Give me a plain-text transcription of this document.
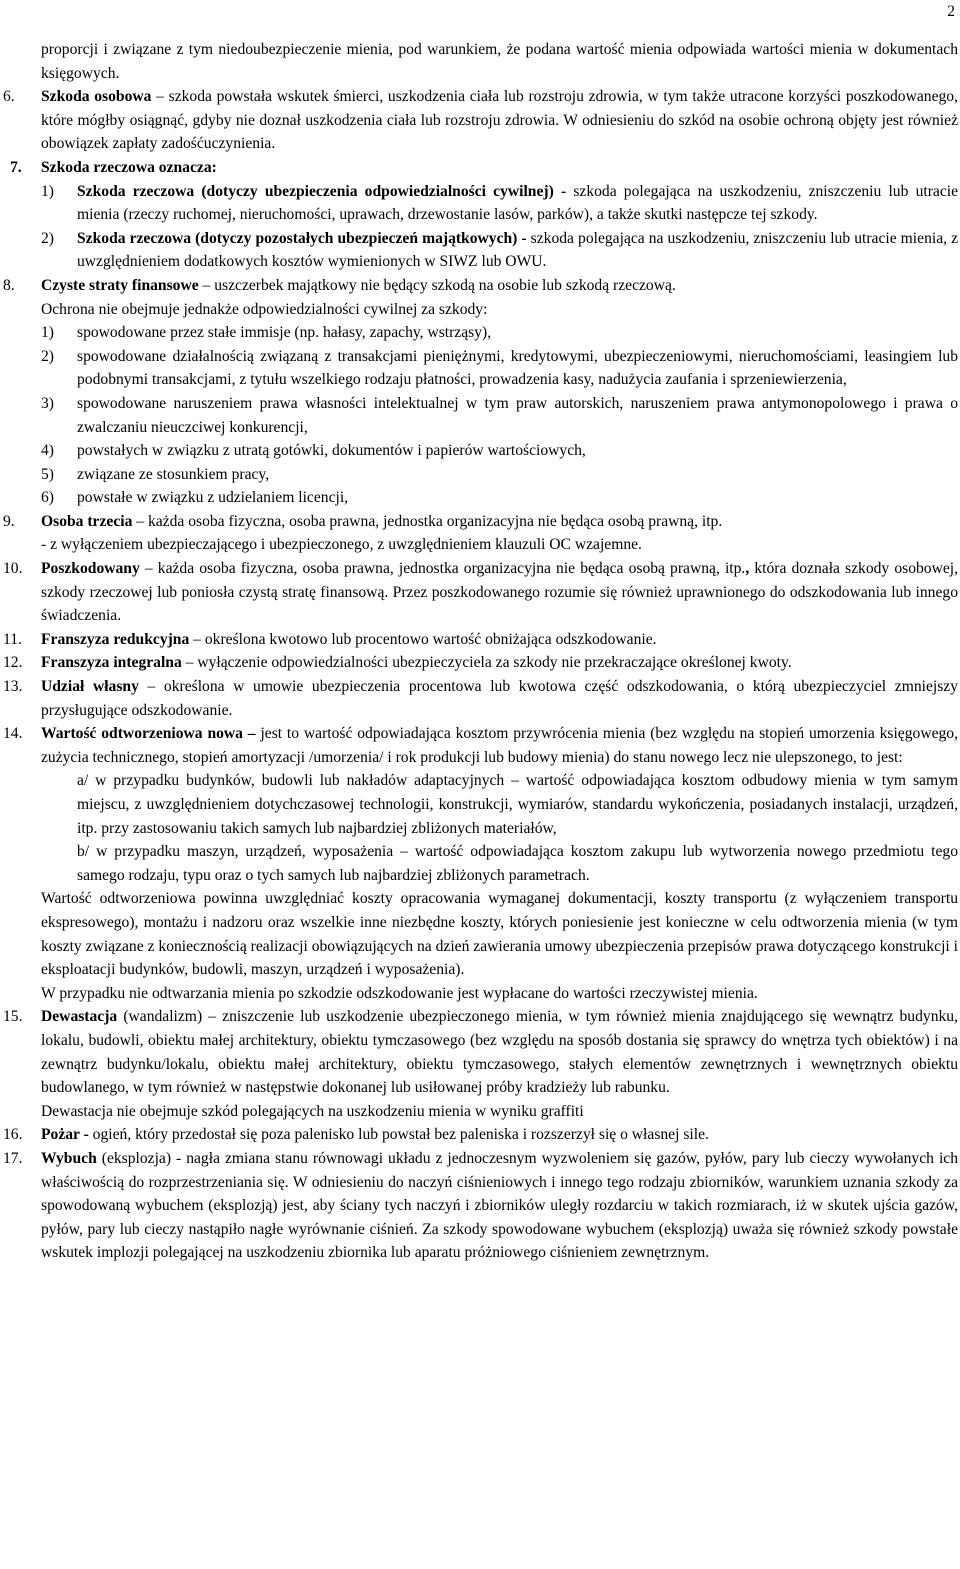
2

proporcji i związane z tym niedoubezpieczenie mienia, pod warunkiem, że podana wartość mienia odpowiada wartości mienia w dokumentach księgowych.

6. Szkoda osobowa – szkoda powstała wskutek śmierci, uszkodzenia ciała lub rozstroju zdrowia, w tym także utracone korzyści poszkodowanego, które mógłby osiągnąć, gdyby nie doznał uszkodzenia ciała lub rozstroju zdrowia. W odniesieniu do szkód na osobie ochroną objęty jest również obowiązek zapłaty zadośćuczynienia.

7. Szkoda rzeczowa oznacza:

1) Szkoda rzeczowa (dotyczy ubezpieczenia odpowiedzialności cywilnej) - szkoda polegająca na uszkodzeniu, zniszczeniu lub utracie mienia (rzeczy ruchomej, nieruchomości, uprawach, drzewostanie lasów, parków), a także skutki następcze tej szkody.

2) Szkoda rzeczowa (dotyczy pozostałych ubezpieczeń majątkowych) - szkoda polegająca na uszkodzeniu, zniszczeniu lub utracie mienia, z uwzględnieniem dodatkowych kosztów wymienionych w SIWZ lub OWU.

8. Czyste straty finansowe – uszczerbek majątkowy nie będący szkodą na osobie lub szkodą rzeczową.

Ochrona nie obejmuje jednakże odpowiedzialności cywilnej za szkody:

1) spowodowane przez stałe immisje (np. hałasy, zapachy, wstrząsy),

2) spowodowane działalnością związaną z transakcjami pieniężnymi, kredytowymi, ubezpieczeniowymi, nieruchomościami, leasingiem lub podobnymi transakcjami, z tytułu wszelkiego rodzaju płatności, prowadzenia kasy, nadużycia zaufania i sprzeniewierzenia,

3) spowodowane naruszeniem prawa własności intelektualnej w tym praw autorskich, naruszeniem prawa antymonopolowego i prawa o zwalczaniu nieuczciwej konkurencji,

4) powstałych w związku z utratą gotówki, dokumentów i papierów wartościowych,

5) związane ze stosunkiem pracy,

6) powstałe w związku z udzielaniem licencji,

9. Osoba trzecia – każda osoba fizyczna, osoba prawna, jednostka organizacyjna nie będąca osobą prawną, itp.

- z wyłączeniem ubezpieczającego i ubezpieczonego, z uwzględnieniem klauzuli OC wzajemne.

10. Poszkodowany – każda osoba fizyczna, osoba prawna, jednostka organizacyjna nie będąca osobą prawną, itp., która doznała szkody osobowej, szkody rzeczowej lub poniosła czystą stratę finansową. Przez poszkodowanego rozumie się również uprawnionego do odszkodowania lub innego świadczenia.

11. Franszyza redukcyjna – określona kwotowo lub procentowo wartość obniżająca odszkodowanie.

12. Franszyza integralna – wyłączenie odpowiedzialności ubezpieczyciela za szkody nie przekraczające określonej kwoty.

13. Udział własny – określona w umowie ubezpieczenia procentowa lub kwotowa część odszkodowania, o którą ubezpieczyciel zmniejszy przysługujące odszkodowanie.

14. Wartość odtworzeniowa nowa – jest to wartość odpowiadająca kosztom przywrócenia mienia (bez względu na stopień umorzenia księgowego, zużycia technicznego, stopień amortyzacji /umorzenia/ i rok produkcji lub budowy mienia) do stanu nowego lecz nie ulepszonego, to jest:

a/ w przypadku budynków, budowli lub nakładów adaptacyjnych – wartość odpowiadająca kosztom odbudowy mienia w tym samym miejscu, z uwzględnieniem dotychczasowej technologii, konstrukcji, wymiarów, standardu wykończenia, posiadanych instalacji, urządzeń, itp. przy zastosowaniu takich samych lub najbardziej zbliżonych materiałów,

b/ w przypadku maszyn, urządzeń, wyposażenia – wartość odpowiadająca kosztom zakupu lub wytworzenia nowego przedmiotu tego samego rodzaju, typu oraz o tych samych lub najbardziej zbliżonych parametrach.

Wartość odtworzeniowa powinna uwzględniać koszty opracowania wymaganej dokumentacji, koszty transportu (z wyłączeniem transportu ekspresowego), montażu i nadzoru oraz wszelkie inne niezbędne koszty, których poniesienie jest konieczne w celu odtworzenia mienia (w tym koszty związane z koniecznością realizacji obowiązujących na dzień zawierania umowy ubezpieczenia przepisów prawa dotyczącego konstrukcji i eksploatacji budynków, budowli, maszyn, urządzeń i wyposażenia).

W przypadku nie odtwarzania mienia po szkodzie odszkodowanie jest wypłacane do wartości rzeczywistej mienia.

15. Dewastacja (wandalizm) – zniszczenie lub uszkodzenie ubezpieczonego mienia, w tym również mienia znajdującego się wewnątrz budynku, lokalu, budowli, obiektu małej architektury, obiektu tymczasowego (bez względu na sposób dostania się sprawcy do wnętrza tych obiektów) i na zewnątrz budynku/lokalu, obiektu małej architektury, obiektu tymczasowego, stałych elementów zewnętrznych i wewnętrznych obiektu budowlanego, w tym również w następstwie dokonanej lub usiłowanej próby kradzieży lub rabunku.

Dewastacja nie obejmuje szkód polegających na uszkodzeniu mienia w wyniku graffiti

16. Pożar - ogień, który przedostał się poza palenisko lub powstał bez paleniska i rozszerzył się o własnej sile.

17. Wybuch (eksplozja) - nagła zmiana stanu równowagi układu z jednoczesnym wyzwoleniem się gazów, pyłów, pary lub cieczy wywołanych ich właściwością do rozprzestrzeniania się. W odniesieniu do naczyń ciśnieniowych i innego tego rodzaju zbiorników, warunkiem uznania szkody za spowodowaną wybuchem (eksplozją) jest, aby ściany tych naczyń i zbiorników uległy rozdarciu w takich rozmiarach, iż w skutek ujścia gazów, pyłów, pary lub cieczy nastąpiło nagłe wyrównanie ciśnień. Za szkody spowodowane wybuchem (eksplozją) uważa się również szkody powstałe wskutek implozji polegającej na uszkodzeniu zbiornika lub aparatu próżniowego ciśnieniem zewnętrznym.
